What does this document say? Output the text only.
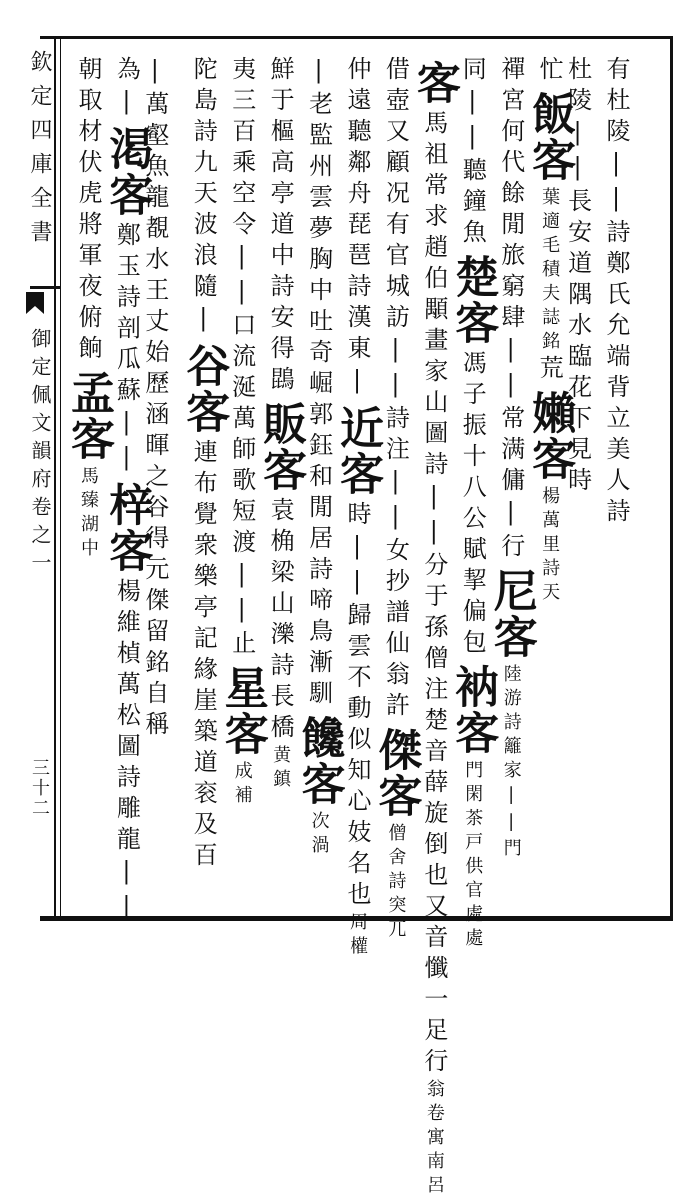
欽定四庫全書
御定佩文韻府卷之一
三十二
有杜陵||詩鄭氏允端背立美人詩
杜陵||長安道隅水臨花下見時
忙飯客葉適毛積夫誌銘荒嬾客楊萬里詩天
禪宮何代餘閒旅窮肆||常满傭|行尼客陸游詩籬家||門
同||聽鐘魚楚客馮子振十八公賦挈偏包衲客門閑茶戸供官處處
客馬祖常求趙伯顒畫家山圖詩||分于孫僧注楚音薛旋倒也又音懺一足行翁卷寓南呂
借壺又顧况有官城訪||詩注||女抄譜仙翁許傑客僧舍詩突兀
仲遠聽鄰舟琵琶詩漢東|近客時||歸雲不動似知心妓名也周權
|老監州雲夢胸中吐奇崛郭鈺和閒居詩啼鳥漸馴饞客次渦
鮮于樞高亭道中詩安得鵾販客袁桷梁山濼詩長橋黄鎮
夷三百乘空令||口流涎萬師歌短渡||止星客成補
陀島詩九天波浪隨|谷客連布覺衆樂亭記緣崖築道衮及百
|萬壑魚龍覩水王丈始歷涵暉之谷得元傑留銘自稱
為|渇客鄭玉詩剖瓜蘇||梓客楊維楨萬松圖詩雕龍||
朝取材伏虎將軍夜俯餉孟客馬臻湖中
